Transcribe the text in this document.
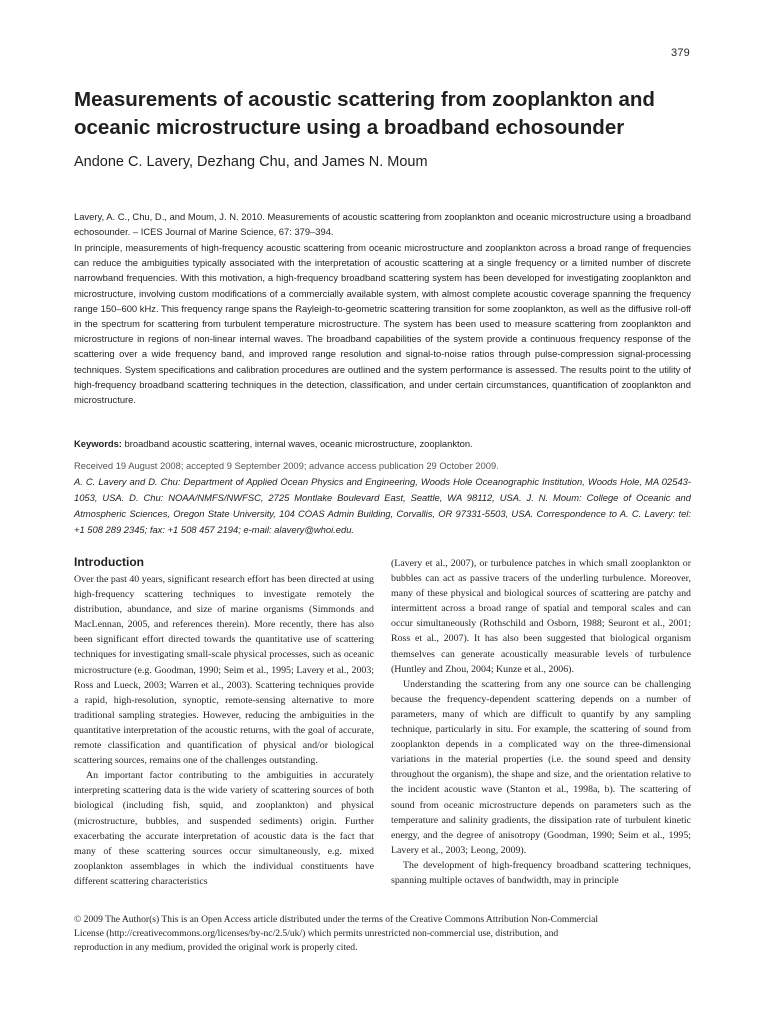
379
Measurements of acoustic scattering from zooplankton and oceanic microstructure using a broadband echosounder
Andone C. Lavery, Dezhang Chu, and James N. Moum
Lavery, A. C., Chu, D., and Moum, J. N. 2010. Measurements of acoustic scattering from zooplankton and oceanic microstructure using a broadband echosounder. – ICES Journal of Marine Science, 67: 379–394.
In principle, measurements of high-frequency acoustic scattering from oceanic microstructure and zooplankton across a broad range of frequencies can reduce the ambiguities typically associated with the interpretation of acoustic scattering at a single frequency or a limited number of discrete narrowband frequencies. With this motivation, a high-frequency broadband scattering system has been developed for investigating zooplankton and microstructure, involving custom modifications of a commercially available system, with almost complete acoustic coverage spanning the frequency range 150–600 kHz. This frequency range spans the Rayleigh-to-geometric scattering transition for some zooplankton, as well as the diffusive roll-off in the spectrum for scattering from turbulent temperature microstructure. The system has been used to measure scattering from zooplankton and microstructure in regions of non-linear internal waves. The broadband capabilities of the system provide a continuous frequency response of the scattering over a wide frequency band, and improved range resolution and signal-to-noise ratios through pulse-compression signal-processing techniques. System specifications and calibration procedures are outlined and the system performance is assessed. The results point to the utility of high-frequency broadband scattering techniques in the detection, classification, and under certain circumstances, quantification of zooplankton and microstructure.
Keywords: broadband acoustic scattering, internal waves, oceanic microstructure, zooplankton.
Received 19 August 2008; accepted 9 September 2009; advance access publication 29 October 2009.
A. C. Lavery and D. Chu: Department of Applied Ocean Physics and Engineering, Woods Hole Oceanographic Institution, Woods Hole, MA 02543-1053, USA. D. Chu: NOAA/NMFS/NWFSC, 2725 Montlake Boulevard East, Seattle, WA 98112, USA. J. N. Moum: College of Oceanic and Atmospheric Sciences, Oregon State University, 104 COAS Admin Building, Corvallis, OR 97331-5503, USA. Correspondence to A. C. Lavery: tel: +1 508 289 2345; fax: +1 508 457 2194; e-mail: alavery@whoi.edu.
Introduction

Over the past 40 years, significant research effort has been directed at using high-frequency scattering techniques to investigate remotely the distribution, abundance, and size of marine organisms (Simmonds and MacLennan, 2005, and references therein). More recently, there has also been significant effort directed towards the quantitative use of scattering techniques for investigating small-scale physical processes, such as oceanic microstructure (e.g. Goodman, 1990; Seim et al., 1995; Lavery et al., 2003; Ross and Lueck, 2003; Warren et al., 2003). Scattering techniques provide a rapid, high-resolution, synoptic, remote-sensing alternative to more traditional sampling strategies. However, reducing the ambiguities in the quantitative interpretation of the acoustic returns, with the goal of accurate, remote classification and quantification of physical and/or biological scattering sources, remains one of the challenges outstanding.

An important factor contributing to the ambiguities in accurately interpreting scattering data is the wide variety of scattering sources of both biological (including fish, squid, and zooplankton) and physical (microstructure, bubbles, and suspended sediments) origin. Further exacerbating the accurate interpretation of acoustic data is the fact that many of these scattering sources occur simultaneously, e.g. mixed zooplankton assemblages in which the individual constituents have different scattering characteristics

(Lavery et al., 2007), or turbulence patches in which small zooplankton or bubbles can act as passive tracers of the underling turbulence. Moreover, many of these physical and biological sources of scattering are patchy and intermittent across a broad range of spatial and temporal scales and can occur simultaneously (Rothschild and Osborn, 1988; Seuront et al., 2001; Ross et al., 2007). It has also been suggested that biological organism themselves can generate acoustically measurable levels of turbulence (Huntley and Zhou, 2004; Kunze et al., 2006).

Understanding the scattering from any one source can be challenging because the frequency-dependent scattering depends on a number of parameters, many of which are difficult to quantify by any sampling technique, particularly in situ. For example, the scattering of sound from zooplankton depends in a complicated way on the three-dimensional variations in the material properties (i.e. the sound speed and density throughout the organism), the shape and size, and the orientation relative to the incident acoustic wave (Stanton et al., 1998a, b). The scattering of sound from oceanic microstructure depends on parameters such as the temperature and salinity gradients, the dissipation rate of turbulent kinetic energy, and the degree of anisotropy (Goodman, 1990; Seim et al., 1995; Lavery et al., 2003; Leong, 2009).

The development of high-frequency broadband scattering techniques, spanning multiple octaves of bandwidth, may in principle

© 2009 The Author(s) This is an Open Access article distributed under the terms of the Creative Commons Attribution Non-Commercial
License (http://creativecommons.org/licenses/by-nc/2.5/uk/) which permits unrestricted non-commercial use, distribution, and
reproduction in any medium, provided the original work is properly cited.
